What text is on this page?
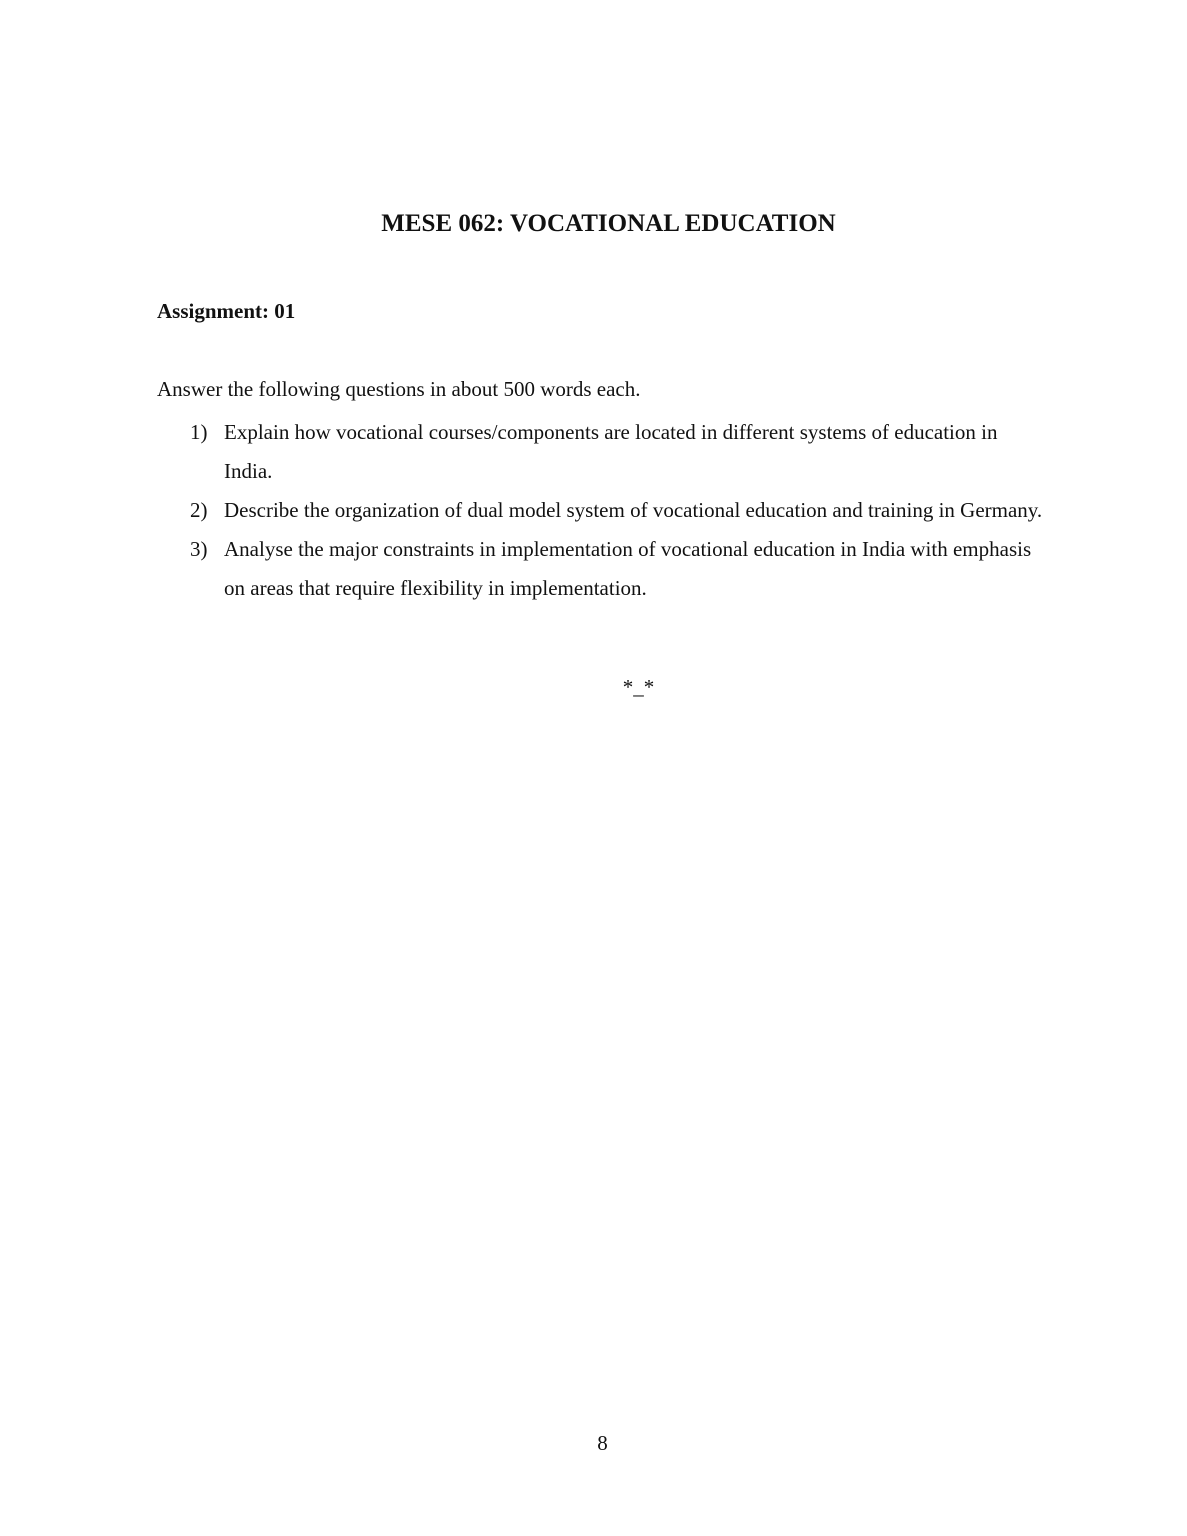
MESE 062: VOCATIONAL EDUCATION
Assignment: 01
Answer the following questions in about 500 words each.
1) Explain how vocational courses/components are located in different systems of education in India.
2) Describe the organization of dual model system of vocational education and training in Germany.
3) Analyse the major constraints in implementation of vocational education in India with emphasis on areas that require flexibility in implementation.
*_*
8
